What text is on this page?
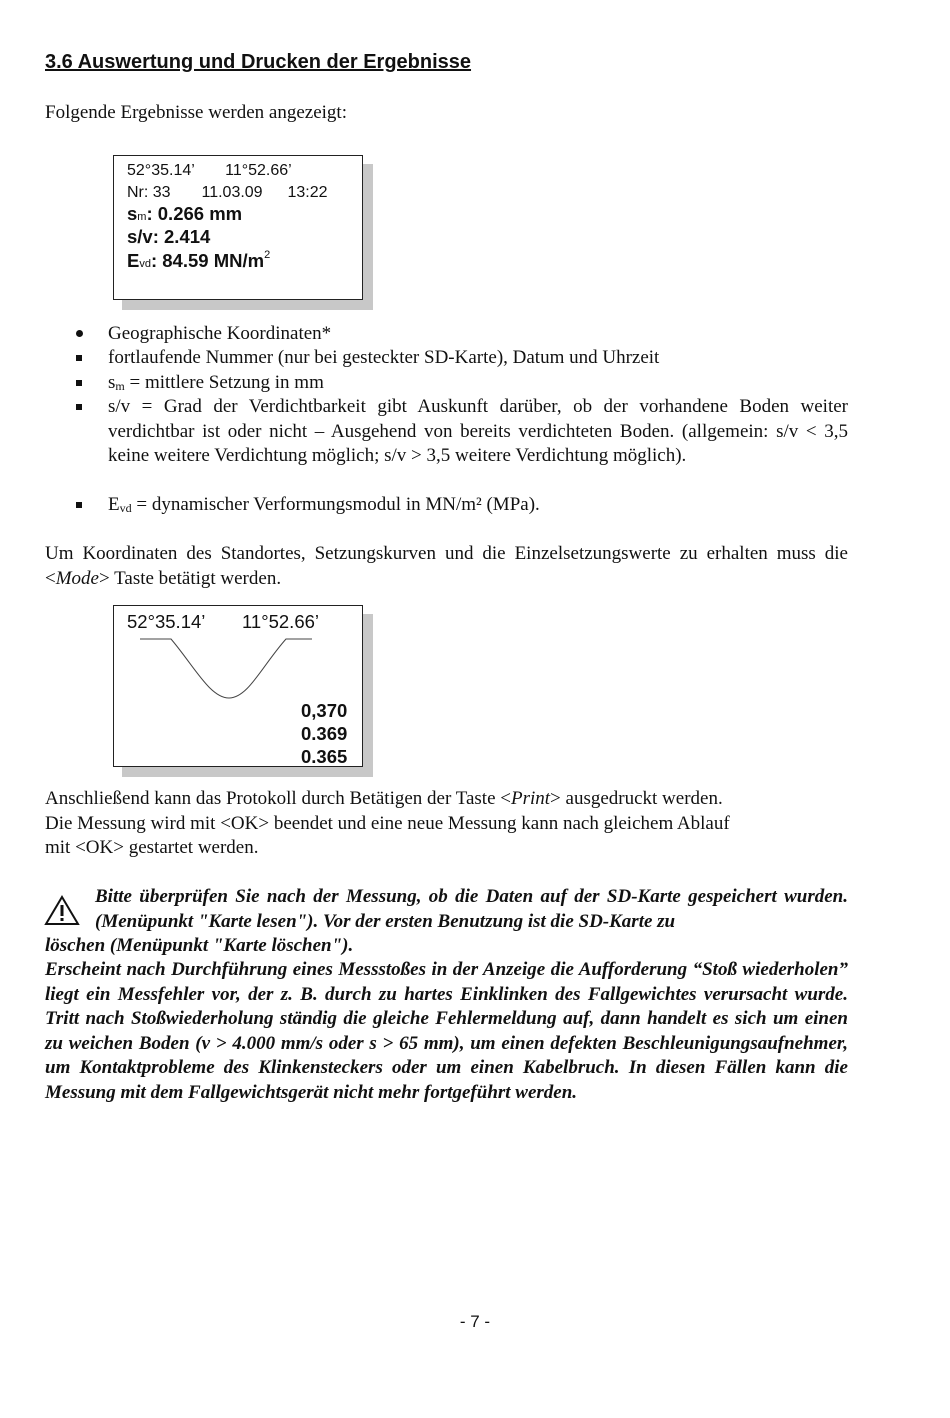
3.6 Auswertung und Drucken der Ergebnisse
Folgende Ergebnisse werden angezeigt:
52°35.14’ 11°52.66’
Nr: 33 11.03.09 13:22
sm: 0.266 mm
s/v: 2.414
Evd: 84.59 $MN/m^2$
Geographische Koordinaten*
fortlaufende Nummer (nur bei gesteckter SD-Karte), Datum und Uhrzeit
sm = mittlere Setzung in mm
s/v = Grad der Verdichtbarkeit gibt Auskunft darüber, ob der vorhandene Boden weiter verdichtbar ist oder nicht – Ausgehend von bereits verdichteten Boden. (allgemein: s/v < 3,5 keine weitere Verdichtung möglich; s/v > 3,5 weitere Verdichtung möglich).
Evd = dynamischer Verformungsmodul in MN/m² (MPa).
Um Koordinaten des Standortes, Setzungskurven und die Einzelsetzungswerte zu erhalten muss die <Mode> Taste betätigt werden.
52°35.14’ 11°52.66’
0,370
0.369
0.365
Anschließend kann das Protokoll durch Betätigen der Taste <Print> ausgedruckt werden.
Die Messung wird mit <OK> beendet und eine neue Messung kann nach gleichem Ablauf
mit <OK> gestartet werden.
Bitte überprüfen Sie nach der Messung, ob die Daten auf der SD-Karte gespeichert wurden. (Menüpunkt "Karte lesen"). Vor der ersten Benutzung ist die SD-Karte zu
löschen (Menüpunkt "Karte löschen").
Erscheint nach Durchführung eines Messstoßes in der Anzeige die Aufforderung “Stoß wiederholen” liegt ein Messfehler vor, der z. B. durch zu hartes Einklinken des Fallgewichtes verursacht wurde. Tritt nach Stoßwiederholung ständig die gleiche Fehlermeldung auf, dann handelt es sich um einen zu weichen Boden (v > 4.000 mm/s oder s > 65 mm), um einen defekten Beschleunigungsaufnehmer, um Kontaktprobleme des Klinkensteckers oder um einen Kabelbruch. In diesen Fällen kann die Messung mit dem Fallgewichtsgerät nicht mehr fortgeführt werden.
- 7 -
